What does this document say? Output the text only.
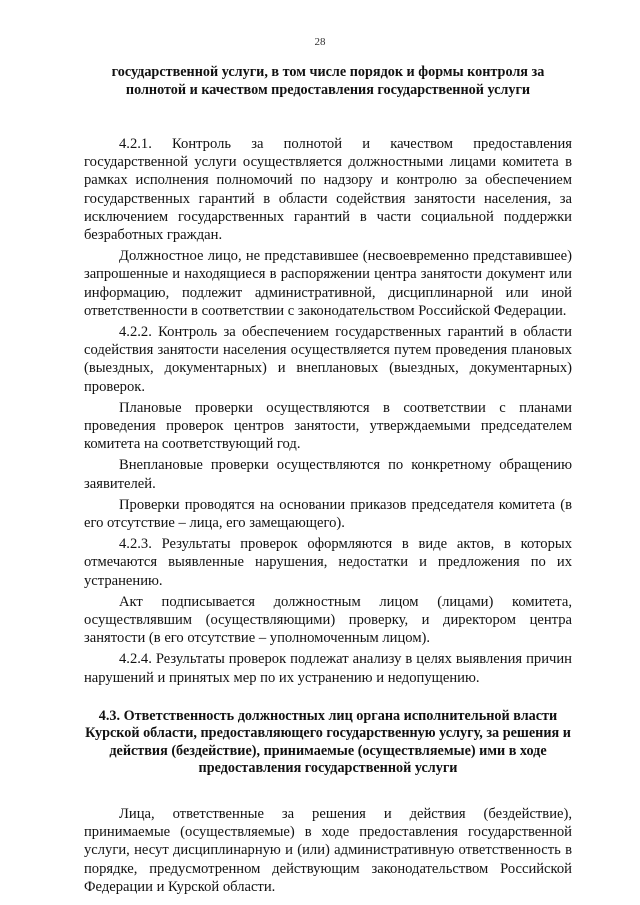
28

государственной услуги, в том числе порядок и формы контроля за полнотой и качеством предоставления государственной услуги

4.2.1. Контроль за полнотой и качеством предоставления государственной услуги осуществляется должностными лицами комитета в рамках исполнения полномочий по надзору и контролю за обеспечением государственных гарантий в области содействия занятости населения, за исключением государственных гарантий в части социальной поддержки безработных граждан.

Должностное лицо, не представившее (несвоевременно представившее) запрошенные и находящиеся в распоряжении центра занятости документ или информацию, подлежит административной, дисциплинарной или иной ответственности в соответствии с законодательством Российской Федерации.

4.2.2. Контроль за обеспечением государственных гарантий в области содействия занятости населения осуществляется путем проведения плановых (выездных, документарных) и внеплановых (выездных, документарных) проверок.

Плановые проверки осуществляются в соответствии с планами проведения проверок центров занятости, утверждаемыми председателем комитета на соответствующий год.

Внеплановые проверки осуществляются по конкретному обращению заявителей.

Проверки проводятся на основании приказов председателя комитета (в его отсутствие – лица, его замещающего).

4.2.3. Результаты проверок оформляются в виде актов, в которых отмечаются выявленные нарушения, недостатки и предложения по их устранению.

Акт подписывается должностным лицом (лицами) комитета, осуществлявшим (осуществляющими) проверку, и директором центра занятости (в его отсутствие – уполномоченным лицом).

4.2.4. Результаты проверок подлежат анализу в целях выявления причин нарушений и принятых мер по их устранению и недопущению.

4.3. Ответственность должностных лиц органа исполнительной власти Курской области, предоставляющего государственную услугу, за решения и действия (бездействие), принимаемые (осуществляемые) ими в ходе предоставления государственной услуги

Лица, ответственные за решения и действия (бездействие), принимаемые (осуществляемые) в ходе предоставления государственной услуги, несут дисциплинарную и (или) административную ответственность в порядке, предусмотренном действующим законодательством Российской Федерации и Курской области.
